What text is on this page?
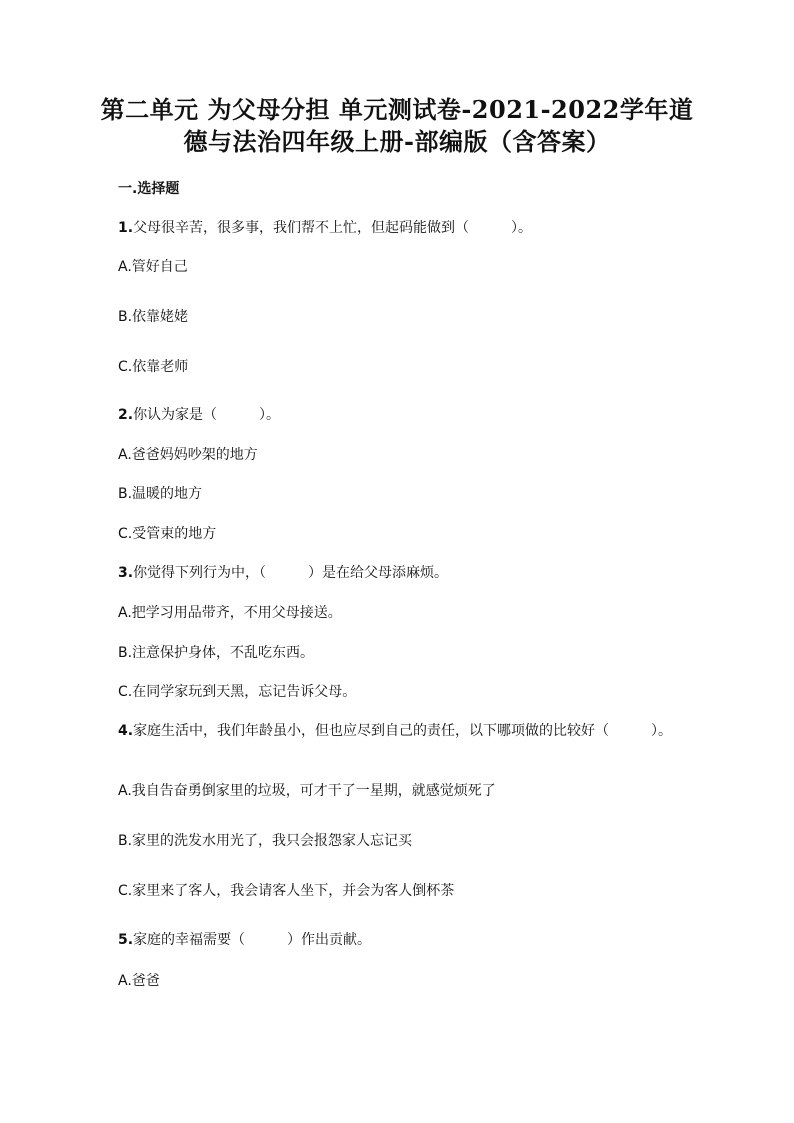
第二单元 为父母分担 单元测试卷-2021-2022学年道
德与法治四年级上册-部编版（含答案）
一.选择题
1.父母很辛苦，很多事，我们帮不上忙，但起码能做到（　　　）。
A.管好自己
B.依靠姥姥
C.依靠老师
2.你认为家是（　　　）。
A.爸爸妈妈吵架的地方
B.温暖的地方
C.受管束的地方
3.你觉得下列行为中，（　　　）是在给父母添麻烦。
A.把学习用品带齐，不用父母接送。
B.注意保护身体，不乱吃东西。
C.在同学家玩到天黑，忘记告诉父母。
4.家庭生活中，我们年龄虽小，但也应尽到自己的责任，以下哪项做的比较好（　　　）。
A.我自告奋勇倒家里的垃圾，可才干了一星期，就感觉烦死了
B.家里的洗发水用光了，我只会报怨家人忘记买
C.家里来了客人，我会请客人坐下，并会为客人倒杯茶
5.家庭的幸福需要（　　　）作出贡献。
A.爸爸
